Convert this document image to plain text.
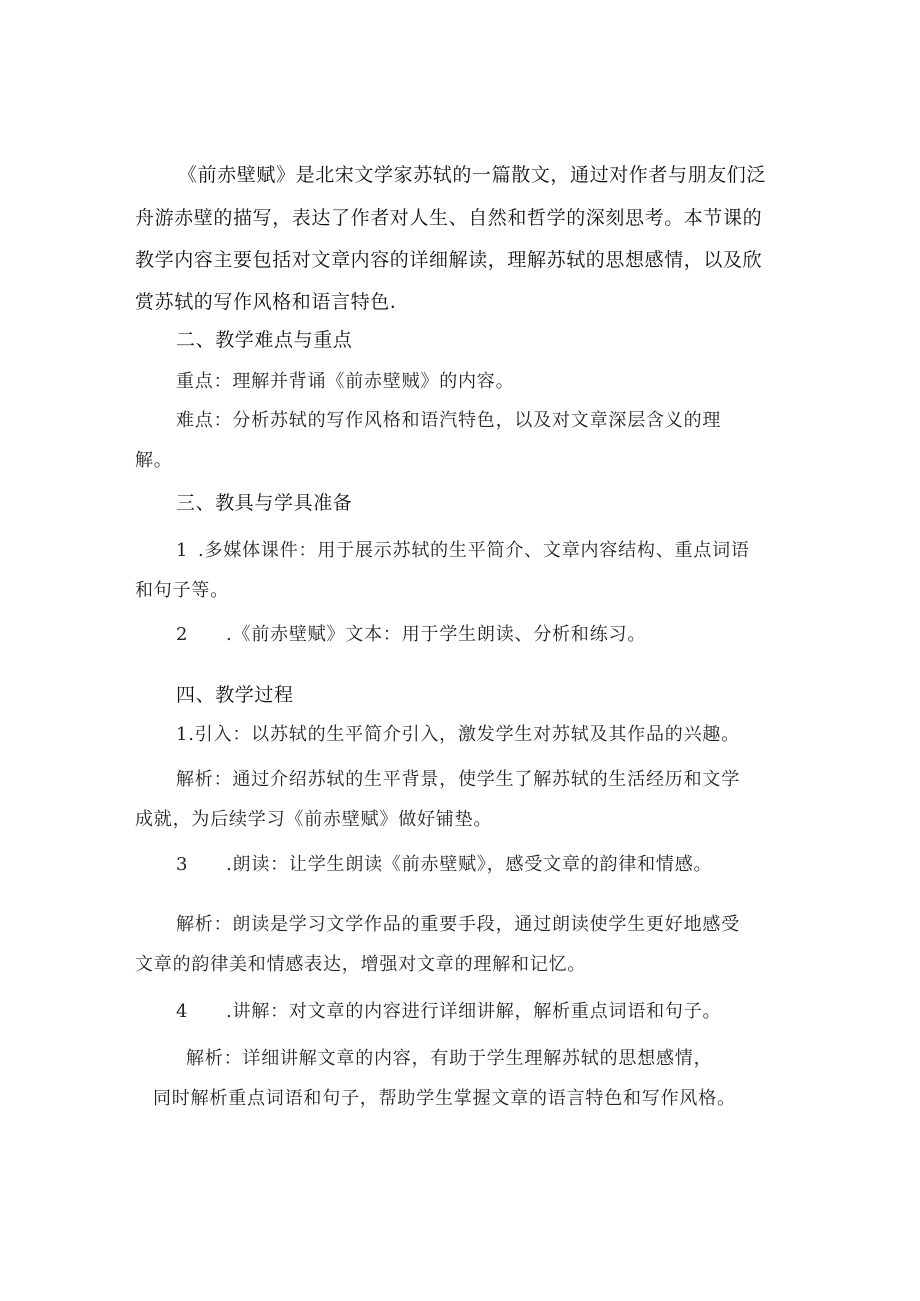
《前赤壁赋》是北宋文学家苏轼的一篇散文，通过对作者与朋友们泛

舟游赤壁的描写，表达了作者对人生、自然和哲学的深刻思考。本节课的

教学内容主要包括对文章内容的详细解读，理解苏轼的思想感情，以及欣

赏苏轼的写作风格和语言特色.

二、教学难点与重点

重点：理解并背诵《前赤壁贼》的内容。

难点：分析苏轼的写作风格和语汽特色，以及对文章深层含义的理

解。

三、教具与学具准备

1 .多媒体课件：用于展示苏轼的生平简介、文章内容结构、重点词语

和句子等。

2 .《前赤壁赋》文本：用于学生朗读、分析和练习。

四、教学过程

1.引入：以苏轼的生平简介引入，激发学生对苏轼及其作品的兴趣。

解析：通过介绍苏轼的生平背景，使学生了解苏轼的生活经历和文学

成就，为后续学习《前赤壁赋》做好铺垫。

3 .朗读：让学生朗读《前赤壁赋》，感受文章的韵律和情感。

解析：朗读是学习文学作品的重要手段，通过朗读使学生更好地感受

文章的韵律美和情感表达，增强对文章的理解和记忆。

4 .讲解：对文章的内容进行详细讲解，解析重点词语和句子。

解析：详细讲解文章的内容，有助于学生理解苏轼的思想感情，

同时解析重点词语和句子，帮助学生掌握文章的语言特色和写作风格。
